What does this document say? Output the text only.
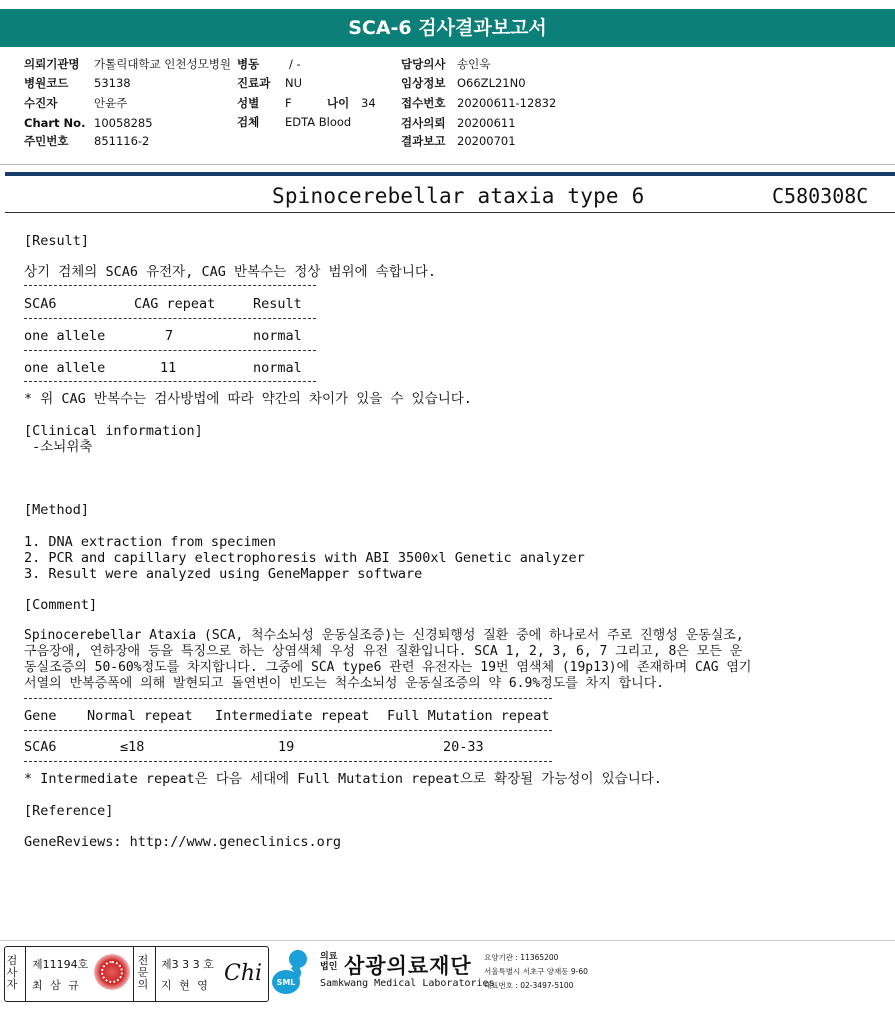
SCA-6 검사결과보고서
의뢰기관명 가톨릭대학교 인천성모병원
병원코드 53138
수진자	안윤주
Chart No. 10058285
주민번호 851116-2
병동	/ -
진료과 NU
성별 F	나이 34
검체 EDTA Blood
담당의사 송인욱
임상정보 O66ZL21N0
접수번호 20200611-12832
검사의뢰 20200611
결과보고 20200701
Spinocerebellar ataxia type 6	C580308C
[Result]
상기 검체의 SCA6 유전자, CAG 반복수는 정상 범위에 속합니다.
SCA6	CAG repeat	Result
one allele	7	normal
one allele	11	normal
* 위 CAG 반복수는 검사방법에 따라 약간의 차이가 있을 수 있습니다.
[Clinical information]
-소뇌위축
[Method]
1. DNA extraction from specimen
2. PCR and capillary electrophoresis with ABI 3500xl Genetic analyzer
3. Result were analyzed using GeneMapper software
[Comment]
Spinocerebellar Ataxia (SCA, 척수소뇌성 운동실조증)는 신경퇴행성 질환 중에 하나로서 주로 진행성 운동실조,
구음장애, 연하장애 등을 특징으로 하는 상염색체 우성 유전 질환입니다. SCA 1, 2, 3, 6, 7 그리고, 8은 모든 운
동실조증의 50-60%정도를 차지합니다. 그중에 SCA type6 관련 유전자는 19번 염색체 (19p13)에 존재하며 CAG 염기
서열의 반복증폭에 의해 발현되고 돌연변이 빈도는 척수소뇌성 운동실조증의 약 6.9%정도를 차지 합니다.
Gene Normal repeat Intermediate repeat Full Mutation repeat
SCA6	≤18	19	20-33
* Intermediate repeat은 다음 세대에 Full Mutation repeat으로 확장될 가능성이 있습니다.
[Reference]
GeneReviews: http://www.geneclinics.org
검사자
제11194호
최 삼 규
전문의
제3 3 3 호
지 현 영 Chi SML
의료
법인 삼광의료재단
Samkwang Medical Laboratories
요양기관 : 11365200
서울특별시 서초구 양재동 9-60
대표번호 : 02-3497-5100
